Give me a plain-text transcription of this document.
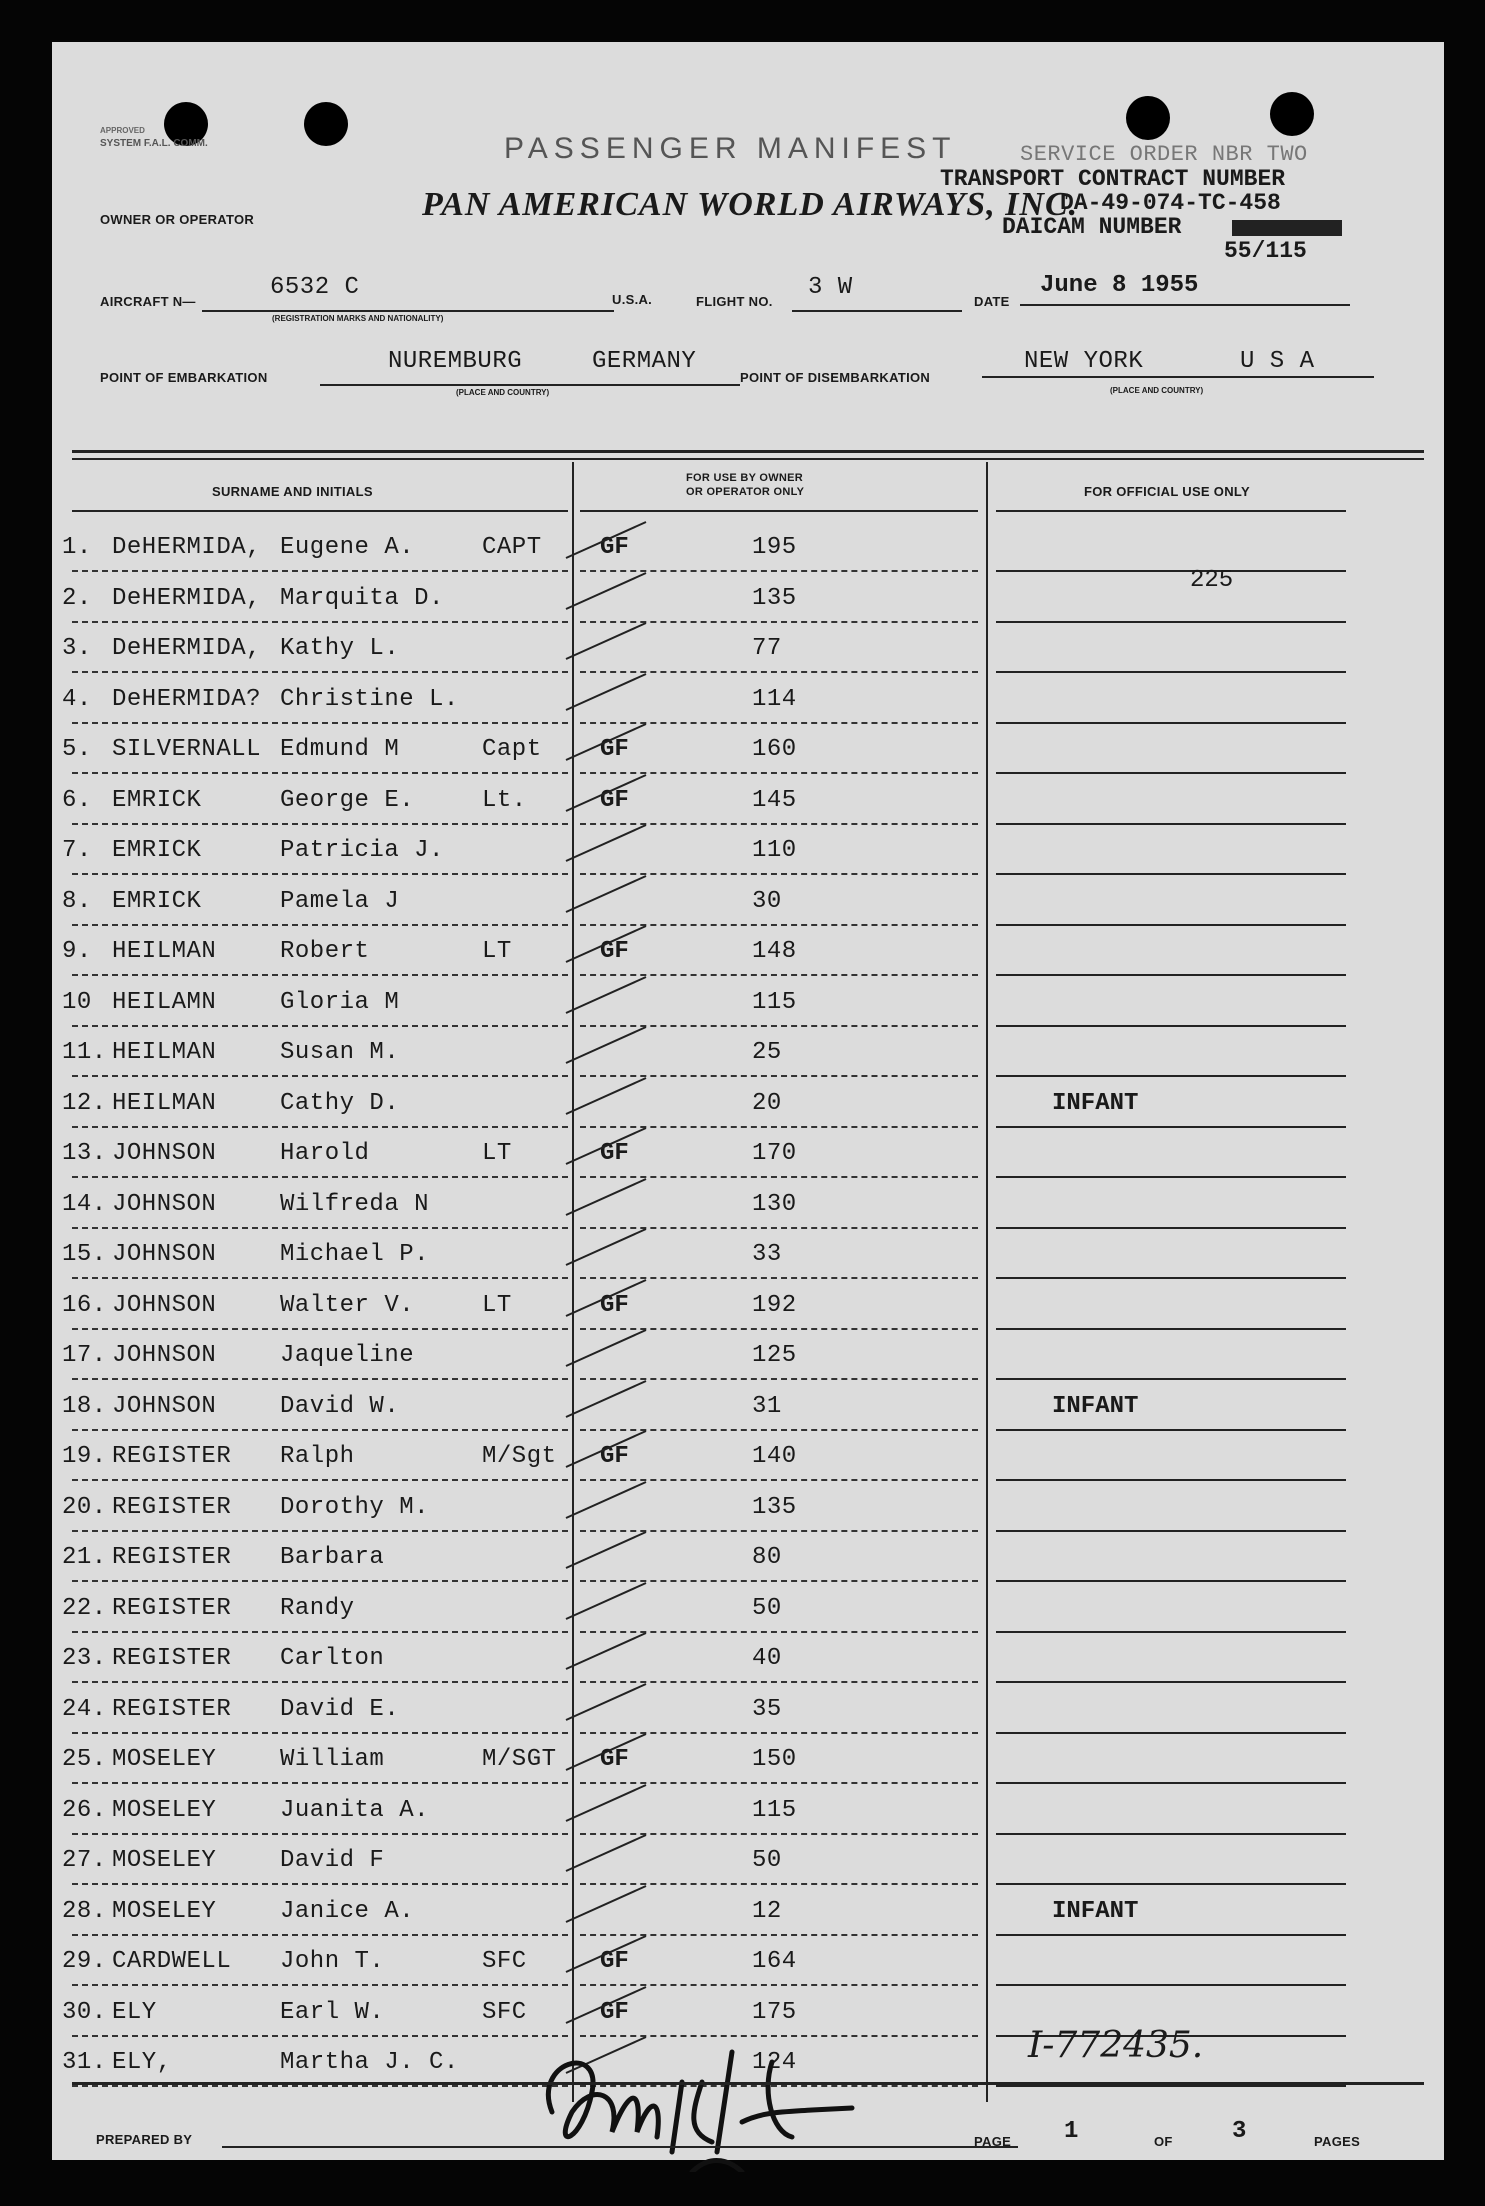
APPROVED
SYSTEM F.A.L. COMM.	PASSENGER MANIFEST	SERVICE ORDER NBR TWO
TRANSPORT CONTRACT NUMBER
DA-49-074-TC-458
DAICAM NUMBER
55/115
OWNER OR OPERATOR	PAN AMERICAN WORLD AIRWAYS, INC.
AIRCRAFT N—
6532 C
(REGISTRATION MARKS AND NATIONALITY)
U.S.A.	FLIGHT NO.
3 W
DATE
June 8 1955
POINT OF EMBARKATION
NUREMBURG	GERMANY
(PLACE AND COUNTRY)
POINT OF DISEMBARKATION
NEW YORK	U S A
(PLACE AND COUNTRY)
SURNAME AND INITIALS
FOR USE BY OWNER
OR OPERATOR ONLY	FOR OFFICIAL USE ONLY
1. DeHERMIDA, Eugene A.	CAPT GF	195
2. DeHERMIDA, Marquita D.	135
225
3. DeHERMIDA, Kathy L.	77
4. DeHERMIDA? Christine L.	114
5. SILVERNALL Edmund M	Capt GF	160
6. EMRICK	George E.	Lt.	GF	145
7. EMRICK	Patricia J.	110
8. EMRICK	Pamela J	30
9. HEILMAN	Robert	LT	GF	148
10 HEILAMN	Gloria M	115
11. HEILMAN	Susan M.	25
12. HEILMAN	Cathy D.	20	INFANT
13. JOHNSON	Harold	LT	GF	170
14. JOHNSON	Wilfreda N	130
15. JOHNSON	Michael P.	33
16. JOHNSON	Walter V.	LT	GF	192
17. JOHNSON	Jaqueline	125
18. JOHNSON	David W.	31	INFANT
19. REGISTER Ralph	M/Sgt GF	140
20. REGISTER Dorothy M.	135
21. REGISTER Barbara	80
22. REGISTER Randy	50
23. REGISTER Carlton	40
24. REGISTER David E.	35
25. MOSELEY	William	M/SGT GF	150
26. MOSELEY	Juanita A.	115
27. MOSELEY	David F	50
28. MOSELEY	Janice A.	12	INFANT
29. CARDWELL John T.	SFC	GF	164
30. ELY	Earl W.	SFC	GF	175
31. ELY,	Martha J. C.	124	I-772435.
PREPARED BY	PAGE 1	OF 3	PAGES
